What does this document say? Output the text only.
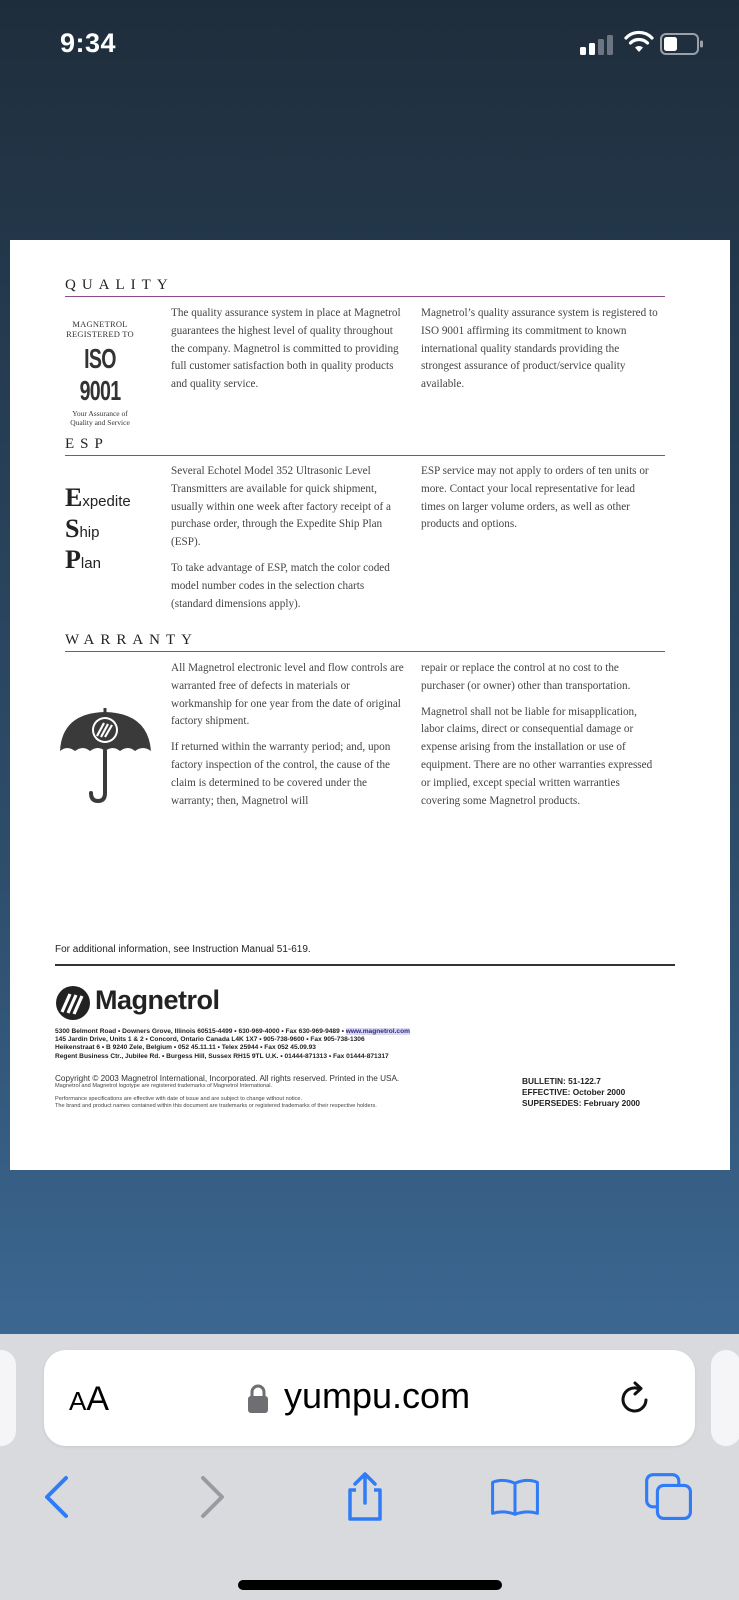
9:34
QUALITY
MAGNETROL
REGISTERED TO
ISO 9001
Your Assurance of
Quality and Service

The quality assurance system in place at Magnetrol guarantees the highest level of quality throughout the company. Magnetrol is committed to providing full customer satisfaction both in quality products and quality service.

Magnetrol’s quality assurance system is registered to ISO 9001 affirming its commitment to known international quality standards providing the strongest assurance of product/service quality available.

ESP
Expedite
Ship
Plan

Several Echotel Model 352 Ultrasonic Level Transmitters are available for quick shipment, usually within one week after factory receipt of a purchase order, through the Expedite Ship Plan (ESP).

To take advantage of ESP, match the color coded model number codes in the selection charts (standard dimensions apply).

ESP service may not apply to orders of ten units or more. Contact your local representative for lead times on larger volume orders, as well as other products and options.

WARRANTY

All Magnetrol electronic level and flow controls are warranted free of defects in materials or workmanship for one year from the date of original factory shipment.

If returned within the warranty period; and, upon factory inspection of the control, the cause of the claim is determined to be covered under the warranty; then, Magnetrol will

repair or replace the control at no cost to the purchaser (or owner) other than transportation.

Magnetrol shall not be liable for misapplication, labor claims, direct or consequential damage or expense arising from the installation or use of equipment. There are no other warranties expressed or implied, except special written warranties covering some Magnetrol products.

For additional information, see Instruction Manual 51-619.
Magnetrol
5300 Belmont Road • Downers Grove, Illinois 60515-4499 • 630-969-4000 • Fax 630-969-9489 • www.magnetrol.com
145 Jardin Drive, Units 1 & 2 • Concord, Ontario Canada L4K 1X7 • 905-738-9600 • Fax 905-738-1306
Heikenstraat 6 • B 9240 Zele, Belgium • 052 45.11.11 • Telex 25944 • Fax 052 45.09.93
Regent Business Ctr., Jubilee Rd. • Burgess Hill, Sussex RH15 9TL U.K. • 01444-871313 • Fax 01444-871317
Copyright © 2003 Magnetrol International, Incorporated. All rights reserved. Printed in the USA.
Magnetrol and Magnetrol logotype are registered trademarks of Magnetrol International.
Performance specifications are effective with date of issue and are subject to change without notice.
The brand and product names contained within this document are trademarks or registered trademarks of their respective holders.
BULLETIN: 51-122.7
EFFECTIVE: October 2000
SUPERSEDES: February 2000
AA	yumpu.com
